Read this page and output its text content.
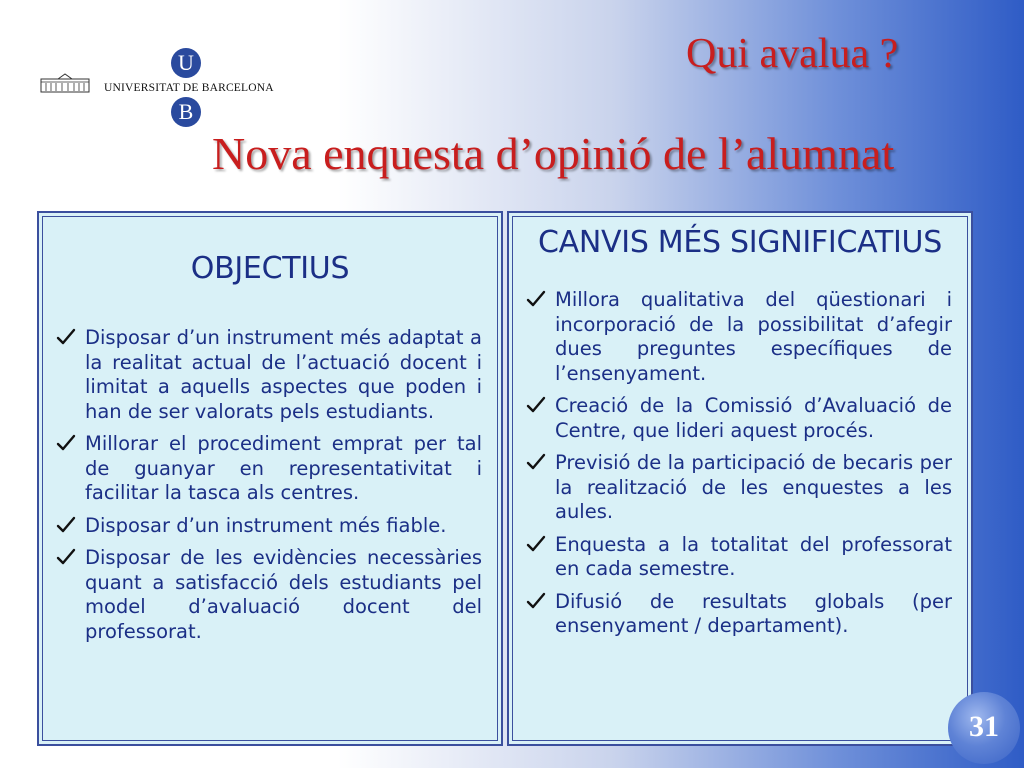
U
UNIVERSITAT DE BARCELONA
B
Qui avalua ?
Nova enquesta d’opinió de l’alumnat
OBJECTIUS
Disposar d’un instrument més adaptat a la realitat actual de l’actuació docent i limitat a aquells aspectes que poden i han de ser valorats pels estudiants.
Millorar el procediment emprat per tal de guanyar en representativitat i facilitar la tasca als centres.
Disposar d’un instrument més fiable.
Disposar de les evidències necessàries quant a satisfacció dels estudiants pel model d’avaluació docent del professorat.
CANVIS MÉS SIGNIFICATIUS
Millora qualitativa del qüestionari i incorporació de la possibilitat d’afegir dues preguntes específiques de l’ensenyament.
Creació de la Comissió d’Avaluació de Centre, que lideri aquest procés.
Previsió de la participació de becaris per la realització de les enquestes a les aules.
Enquesta a la totalitat del professorat en cada semestre.
Difusió de resultats globals (per ensenyament / departament).
31
